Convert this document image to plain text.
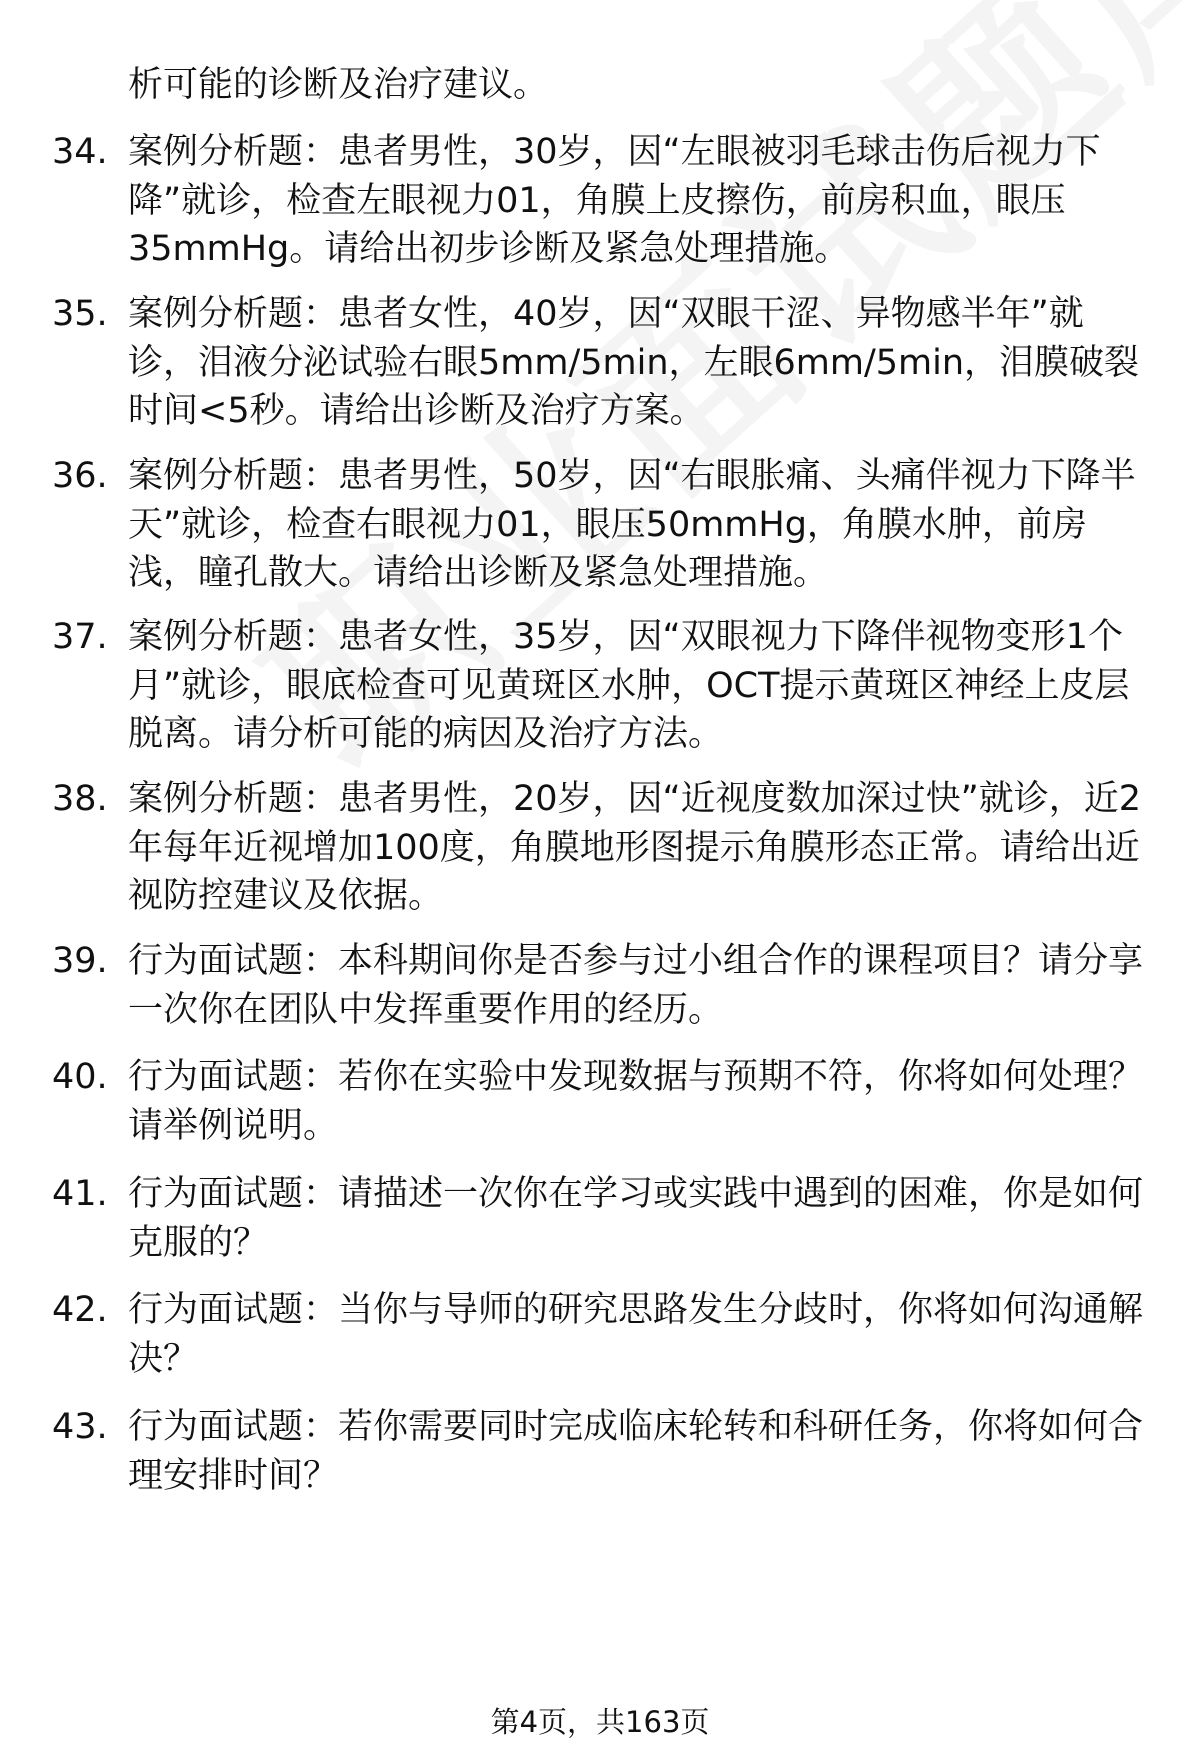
析可能的诊断及治疗建议。
34. 案例分析题：患者男性，30岁，因“左眼被羽毛球击伤后视力下降”就诊，检查左眼视力01，角膜上皮擦伤，前房积血，眼压35mmHg。请给出初步诊断及紧急处理措施。
35. 案例分析题：患者女性，40岁，因“双眼干涩、异物感半年”就诊，泪液分泌试验右眼5mm/5min，左眼6mm/5min，泪膜破裂时间<5秒。请给出诊断及治疗方案。
36. 案例分析题：患者男性，50岁，因“右眼胀痛、头痛伴视力下降半天”就诊，检查右眼视力01，眼压50mmHg，角膜水肿，前房浅，瞳孔散大。请给出诊断及紧急处理措施。
37. 案例分析题：患者女性，35岁，因“双眼视力下降伴视物变形1个月”就诊，眼底检查可见黄斑区水肿，OCT提示黄斑区神经上皮层脱离。请分析可能的病因及治疗方法。
38. 案例分析题：患者男性，20岁，因“近视度数加深过快”就诊，近2年每年近视增加100度，角膜地形图提示角膜形态正常。请给出近视防控建议及依据。
39. 行为面试题：本科期间你是否参与过小组合作的课程项目？请分享一次你在团队中发挥重要作用的经历。
40. 行为面试题：若你在实验中发现数据与预期不符，你将如何处理？请举例说明。
41. 行为面试题：请描述一次你在学习或实践中遇到的困难，你是如何克服的？
42. 行为面试题：当你与导师的研究思路发生分歧时，你将如何沟通解决？
43. 行为面试题：若你需要同时完成临床轮转和科研任务，你将如何合理安排时间？
第4页，共163页
